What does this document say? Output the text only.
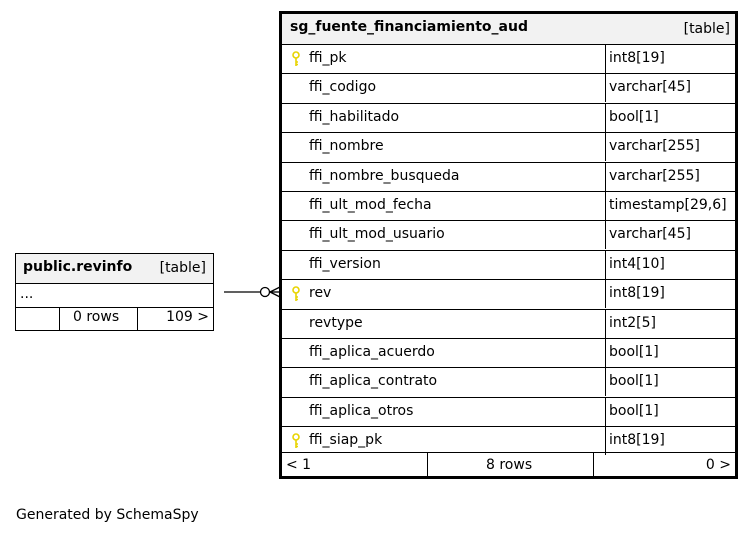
public.revinfo [table]
...
0 rows	109 >
sg_fuente_financiamiento_aud	[table]
ffi_pk	int8[19]
ffi_codigo	varchar[45]
ffi_habilitado	bool[1]
ffi_nombre	varchar[255]
ffi_nombre_busqueda	varchar[255]
ffi_ult_mod_fecha	timestamp[29,6]
ffi_ult_mod_usuario	varchar[45]
ffi_version	int4[10]
rev	int8[19]
revtype	int2[5]
ffi_aplica_acuerdo	bool[1]
ffi_aplica_contrato	bool[1]
ffi_aplica_otros	bool[1]
ffi_siap_pk	int8[19]
< 1	8 rows	0 >
Generated by SchemaSpy
